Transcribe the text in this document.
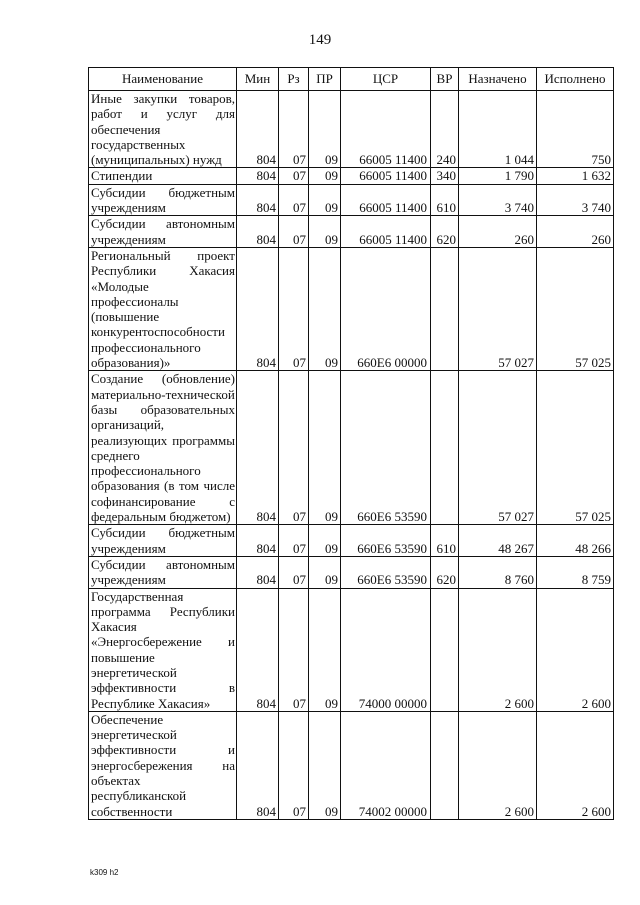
149
Наименование	Мин	Рз	ПР	ЦСР	ВР	Назначено	Исполнено
Иные закупки товаров, работ и услуг для обеспечения государственных (муниципальных) нужд	804	07	09	66005 11400	240	1 044	750
Стипендии	804	07	09	66005 11400	340	1 790	1 632
Субсидии бюджетным учреждениям	804	07	09	66005 11400	610	3 740	3 740
Субсидии автономным учреждениям	804	07	09	66005 11400	620	260	260
Региональный проект Республики Хакасия «Молодые профессионалы (повышение конкурентоспособности профессионального образования)»	804	07	09	660Е6 00000		57 027	57 025
Создание (обновление) материально-технической базы образовательных организаций, реализующих программы среднего профессионального образования (в том числе софинансирование с федеральным бюджетом)	804	07	09	660Е6 53590		57 027	57 025
Субсидии бюджетным учреждениям	804	07	09	660Е6 53590	610	48 267	48 266
Субсидии автономным учреждениям	804	07	09	660Е6 53590	620	8 760	8 759
Государственная программа Республики Хакасия «Энергосбережение и повышение энергетической эффективности в Республике Хакасия»	804	07	09	74000 00000		2 600	2 600
Обеспечение энергетической эффективности и энергосбережения на объектах республиканской собственности	804	07	09	74002 00000		2 600	2 600
k309 h2
